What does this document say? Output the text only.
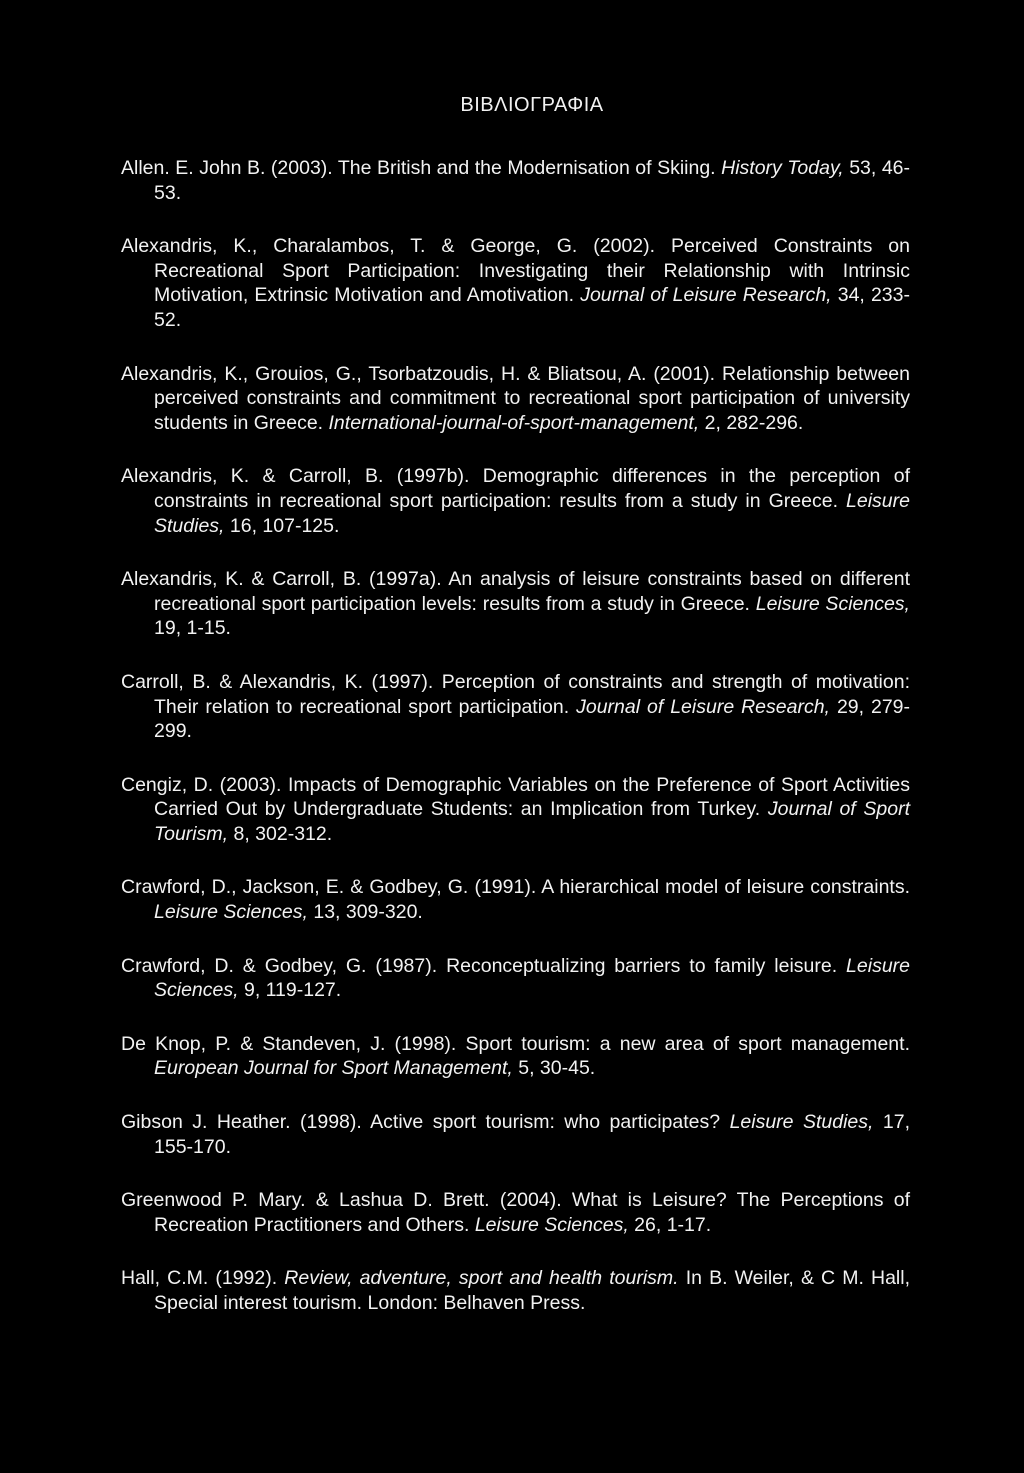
ΒΙΒΛΙΟΓΡΑΦΙΑ

Allen. E. John B. (2003). The British and the Modernisation of Skiing. History Today, 53, 46-53.

Alexandris, K., Charalambos, T. & George, G. (2002). Perceived Constraints on Recreational Sport Participation: Investigating their Relationship with Intrinsic Motivation, Extrinsic Motivation and Amotivation. Journal of Leisure Research, 34, 233-52.

Alexandris, K., Grouios, G., Tsorbatzoudis, H. & Bliatsou, A. (2001). Relationship between perceived constraints and commitment to recreational sport participation of university students in Greece. International-journal-of-sport-management, 2, 282-296.

Alexandris, K. & Carroll, B. (1997b). Demographic differences in the perception of constraints in recreational sport participation: results from a study in Greece. Leisure Studies, 16, 107-125.

Alexandris, K. & Carroll, B. (1997a). An analysis of leisure constraints based on different recreational sport participation levels: results from a study in Greece. Leisure Sciences, 19, 1-15.

Carroll, B. & Alexandris, K. (1997). Perception of constraints and strength of motivation: Their relation to recreational sport participation. Journal of Leisure Research, 29, 279-299.

Cengiz, D. (2003). Impacts of Demographic Variables on the Preference of Sport Activities Carried Out by Undergraduate Students: an Implication from Turkey. Journal of Sport Tourism, 8, 302-312.

Crawford, D., Jackson, E. & Godbey, G. (1991). A hierarchical model of leisure constraints. Leisure Sciences, 13, 309-320.

Crawford, D. & Godbey, G. (1987). Reconceptualizing barriers to family leisure. Leisure Sciences, 9, 119-127.

De Knop, P. & Standeven, J. (1998). Sport tourism: a new area of sport management. European Journal for Sport Management, 5, 30-45.

Gibson J. Heather. (1998). Active sport tourism: who participates? Leisure Studies, 17, 155-170.

Greenwood P. Mary. & Lashua D. Brett. (2004). What is Leisure? The Perceptions of Recreation Practitioners and Others. Leisure Sciences, 26, 1-17.

Hall, C.M. (1992). Review, adventure, sport and health tourism. In B. Weiler, & C M. Hall, Special interest tourism. London: Belhaven Press.
